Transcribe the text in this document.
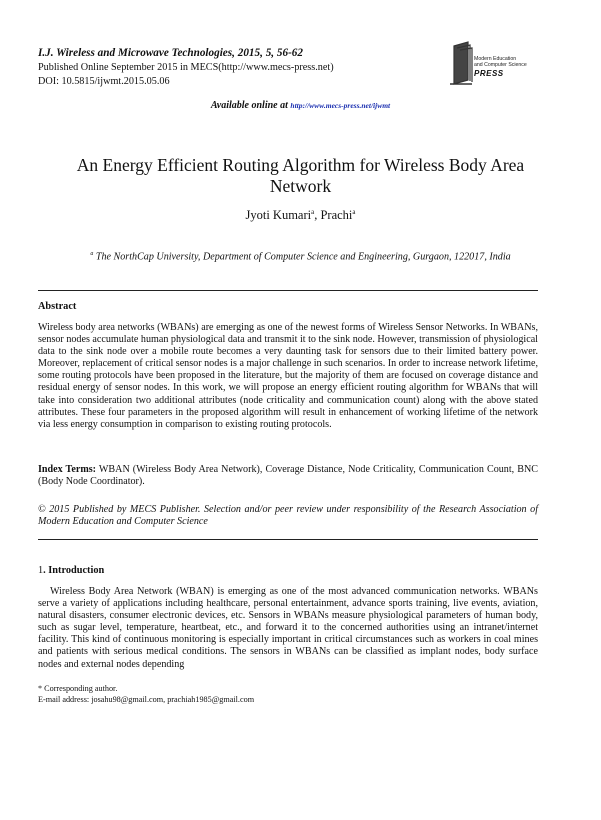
I.J. Wireless and Microwave Technologies, 2015, 5, 56-62
Published Online September 2015 in MECS(http://www.mecs-press.net)
DOI: 10.5815/ijwmt.2015.05.06
Modern Education
and Computer Science
PRESS
Available online at http://www.mecs-press.net/ijwmt
An Energy Efficient Routing Algorithm for Wireless Body Area
Network
Jyoti Kumari$^a$, Prachi$^a$
$^a$ The NorthCap University, Department of Computer Science and Engineering, Gurgaon, 122017, India
Abstract
Wireless body area networks (WBANs) are emerging as one of the newest forms of Wireless Sensor Networks. In WBANs, sensor nodes accumulate human physiological data and transmit it to the sink node. However, transmission of physiological data to the sink node over a mobile route becomes a very daunting task for sensors due to their limited battery power. Moreover, replacement of critical sensor nodes is a major challenge in such scenarios. In order to increase network lifetime, some routing protocols have been proposed in the literature, but the majority of them are focused on coverage distance and residual energy of sensor nodes. In this work, we will propose an energy efficient routing algorithm for WBANs that will take into consideration two additional attributes (node criticality and communication count) along with the above stated attributes. These four parameters in the proposed algorithm will result in enhancement of working lifetime of the network via less energy consumption in comparison to existing routing protocols.
Index Terms: WBAN (Wireless Body Area Network), Coverage Distance, Node Criticality, Communication Count, BNC (Body Node Coordinator).
© 2015 Published by MECS Publisher. Selection and/or peer review under responsibility of the Research Association of Modern Education and Computer Science
1. Introduction
Wireless Body Area Network (WBAN) is emerging as one of the most advanced communication networks. WBANs serve a variety of applications including healthcare, personal entertainment, advance sports training, live events, aviation, natural disasters, consumer electronic devices, etc. Sensors in WBANs measure physiological parameters of human body, such as sugar level, temperature, heartbeat, etc., and forward it to the concerned authorities using an intranet/internet facility. This kind of continuous monitoring is especially important in critical circumstances such as workers in coal mines and patients with serious medical conditions. The sensors in WBANs can be classified as implant nodes, body surface nodes and external nodes depending
* Corresponding author.
E-mail address: josahu98@gmail.com, prachiah1985@gmail.com
